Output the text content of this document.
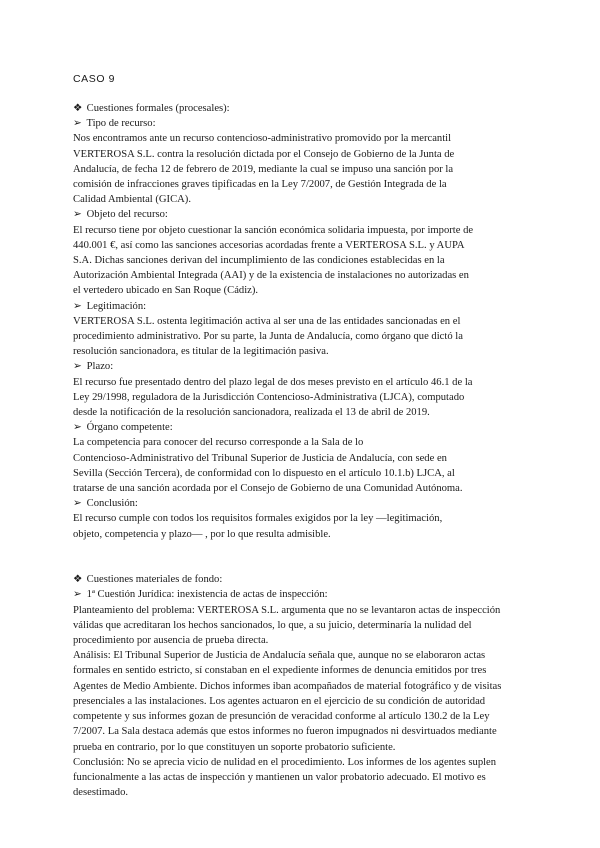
CASO 9
❖ Cuestiones formales (procesales):
➢ Tipo de recurso:
Nos encontramos ante un recurso contencioso-administrativo promovido por la mercantil
VERTEROSA S.L. contra la resolución dictada por el Consejo de Gobierno de la Junta de
Andalucía, de fecha 12 de febrero de 2019, mediante la cual se impuso una sanción por la
comisión de infracciones graves tipificadas en la Ley 7/2007, de Gestión Integrada de la
Calidad Ambiental (GICA).
➢ Objeto del recurso:
El recurso tiene por objeto cuestionar la sanción económica solidaria impuesta, por importe de
440.001 €, así como las sanciones accesorias acordadas frente a VERTEROSA S.L. y AUPA
S.A. Dichas sanciones derivan del incumplimiento de las condiciones establecidas en la
Autorización Ambiental Integrada (AAI) y de la existencia de instalaciones no autorizadas en
el vertedero ubicado en San Roque (Cádiz).
➢ Legitimación:
VERTEROSA S.L. ostenta legitimación activa al ser una de las entidades sancionadas en el
procedimiento administrativo. Por su parte, la Junta de Andalucía, como órgano que dictó la
resolución sancionadora, es titular de la legitimación pasiva.
➢ Plazo:
El recurso fue presentado dentro del plazo legal de dos meses previsto en el artículo 46.1 de la
Ley 29/1998, reguladora de la Jurisdicción Contencioso-Administrativa (LJCA), computado
desde la notificación de la resolución sancionadora, realizada el 13 de abril de 2019.
➢ Órgano competente:
La competencia para conocer del recurso corresponde a la Sala de lo
Contencioso-Administrativo del Tribunal Superior de Justicia de Andalucía, con sede en
Sevilla (Sección Tercera), de conformidad con lo dispuesto en el artículo 10.1.b) LJCA, al
tratarse de una sanción acordada por el Consejo de Gobierno de una Comunidad Autónoma.
➢ Conclusión:
El recurso cumple con todos los requisitos formales exigidos por la ley —legitimación,
objeto, competencia y plazo— , por lo que resulta admisible.
❖ Cuestiones materiales de fondo:
➢ 1ª Cuestión Jurídica: inexistencia de actas de inspección:
Planteamiento del problema: VERTEROSA S.L. argumenta que no se levantaron actas de inspección
válidas que acreditaran los hechos sancionados, lo que, a su juicio, determinaría la nulidad del
procedimiento por ausencia de prueba directa.
Análisis: El Tribunal Superior de Justicia de Andalucía señala que, aunque no se elaboraron actas
formales en sentido estricto, sí constaban en el expediente informes de denuncia emitidos por tres
Agentes de Medio Ambiente. Dichos informes iban acompañados de material fotográfico y de visitas
presenciales a las instalaciones. Los agentes actuaron en el ejercicio de su condición de autoridad
competente y sus informes gozan de presunción de veracidad conforme al artículo 130.2 de la Ley
7/2007. La Sala destaca además que estos informes no fueron impugnados ni desvirtuados mediante
prueba en contrario, por lo que constituyen un soporte probatorio suficiente.
Conclusión: No se aprecia vicio de nulidad en el procedimiento. Los informes de los agentes suplen
funcionalmente a las actas de inspección y mantienen un valor probatorio adecuado. El motivo es
desestimado.
